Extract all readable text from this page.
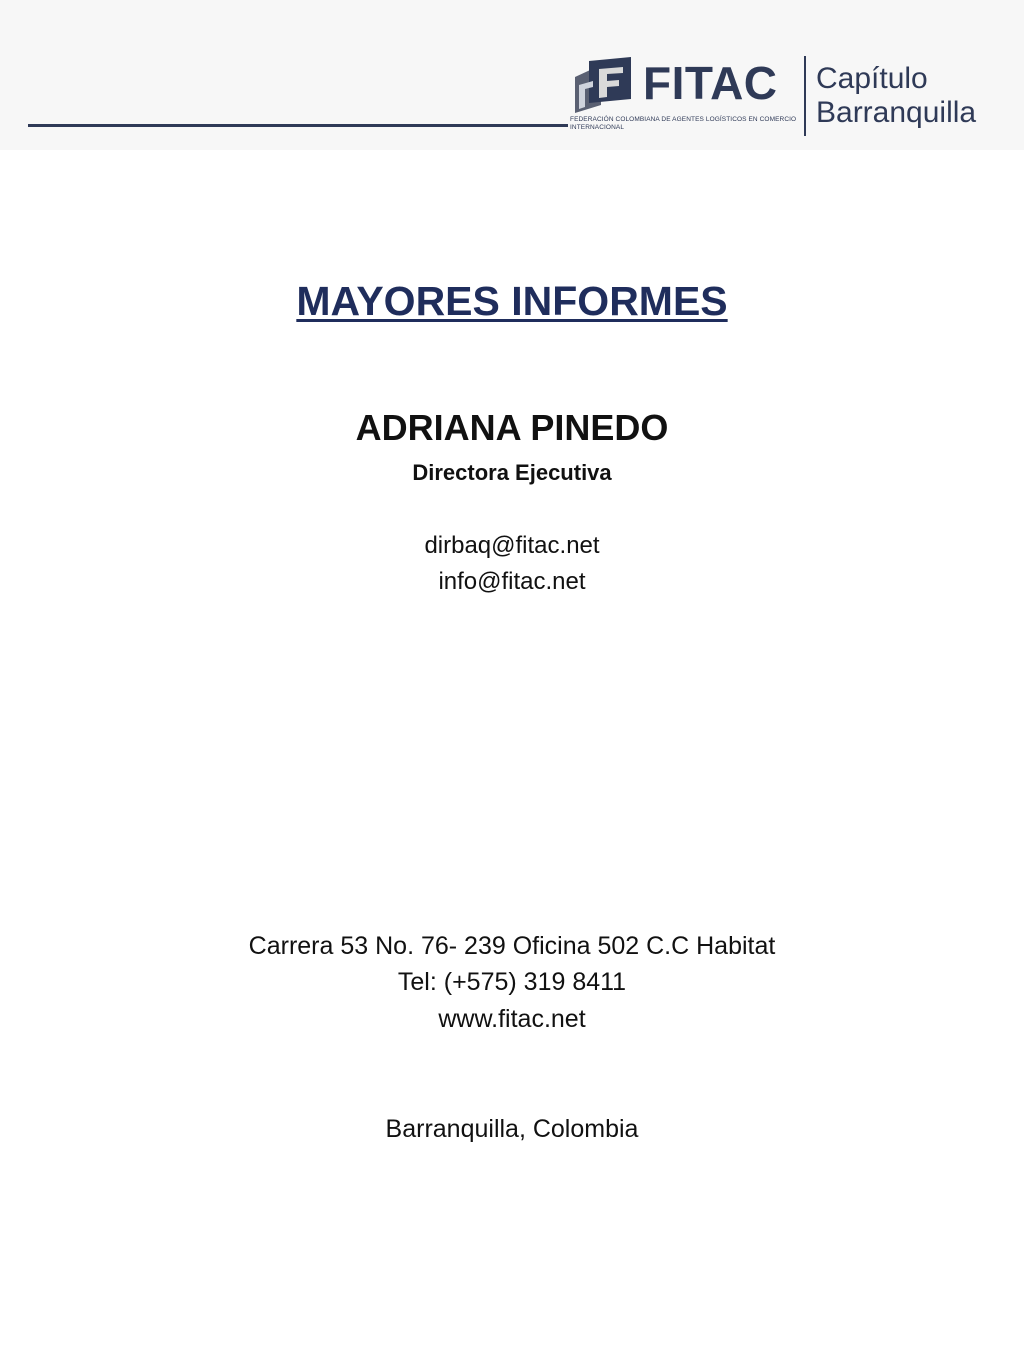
FITAC
FEDERACIÓN COLOMBIANA DE AGENTES LOGÍSTICOS EN COMERCIO INTERNACIONAL
Capítulo
Barranquilla
MAYORES INFORMES
ADRIANA PINEDO
Directora Ejecutiva
dirbaq@fitac.net
info@fitac.net
Carrera 53 No. 76- 239 Oficina 502 C.C Habitat
Tel: (+575) 319 8411
www.fitac.net
Barranquilla, Colombia
